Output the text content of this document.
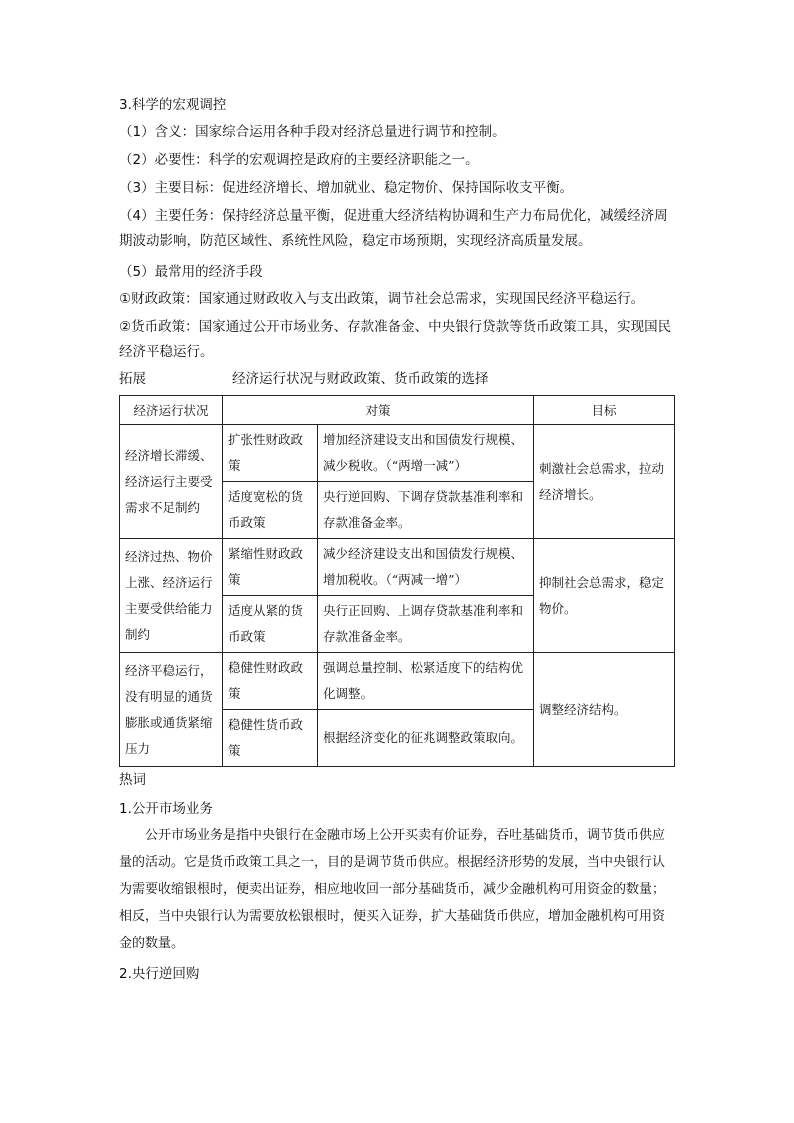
3.科学的宏观调控
（1）含义：国家综合运用各种手段对经济总量进行调节和控制。
（2）必要性：科学的宏观调控是政府的主要经济职能之一。
（3）主要目标：促进经济增长、增加就业、稳定物价、保持国际收支平衡。
（4）主要任务：保持经济总量平衡，促进重大经济结构协调和生产力布局优化，减缓经济周期波动影响，防范区域性、系统性风险，稳定市场预期，实现经济高质量发展。
（5）最常用的经济手段
①财政政策：国家通过财政收入与支出政策，调节社会总需求，实现国民经济平稳运行。
②货币政策：国家通过公开市场业务、存款准备金、中央银行贷款等货币政策工具，实现国民经济平稳运行。
拓展	经济运行状况与财政政策、货币政策的选择
经济运行状况	对策		目标
经济增长滞缓、经济运行主要受需求不足制约	扩张性财政政策	增加经济建设支出和国债发行规模、减少税收。（“两增一减”）	刺激社会总需求，拉动经济增长。
	适度宽松的货币政策	央行逆回购、下调存贷款基准利率和存款准备金率。	
经济过热、物价上涨、经济运行主要受供给能力制约	紧缩性财政政策	减少经济建设支出和国债发行规模、增加税收。（“两减一增”）	抑制社会总需求，稳定物价。
	适度从紧的货币政策	央行正回购、上调存贷款基准利率和存款准备金率。	
经济平稳运行，没有明显的通货膨胀或通货紧缩压力	稳健性财政政策	强调总量控制、松紧适度下的结构优化调整。	调整经济结构。
	稳健性货币政策	根据经济变化的征兆调整政策取向。	
热词
1.公开市场业务
公开市场业务是指中央银行在金融市场上公开买卖有价证券，吞吐基础货币，调节货币供应量的活动。它是货币政策工具之一，目的是调节货币供应。根据经济形势的发展，当中央银行认为需要收缩银根时，便卖出证券，相应地收回一部分基础货币，减少金融机构可用资金的数量；相反，当中央银行认为需要放松银根时，便买入证券，扩大基础货币供应，增加金融机构可用资金的数量。
2.央行逆回购
